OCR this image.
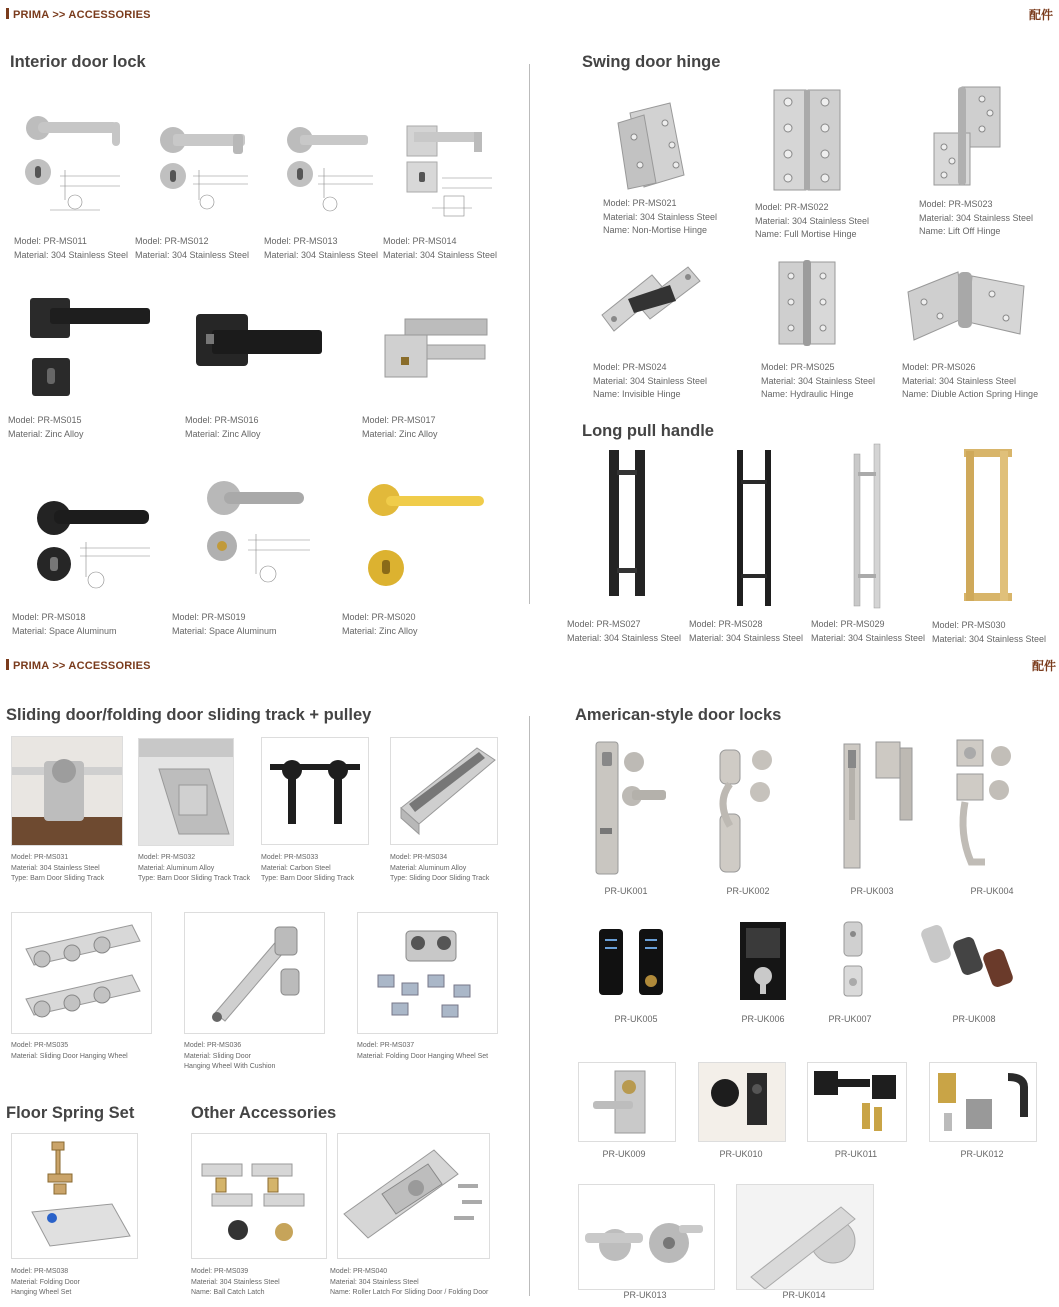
PRIMA >> ACCESSORIES	配件
Interior door lock
Model: PR-MS011
Material: 304 Stainless Steel
Model: PR-MS012
Material: 304 Stainless Steel
Model: PR-MS013
Material: 304 Stainless Steel
Model: PR-MS014
Material: 304 Stainless Steel
Model: PR-MS015
Material: Zinc Alloy
Model: PR-MS016
Material: Zinc Alloy
Model: PR-MS017
Material: Zinc Alloy
Model: PR-MS018
Material: Space Aluminum
Model: PR-MS019
Material: Space Aluminum
Model: PR-MS020
Material: Zinc Alloy
Swing door hinge
Model: PR-MS021
Material: 304 Stainless Steel
Name: Non-Mortise Hinge
Model: PR-MS022
Material: 304 Stainless Steel
Name: Full Mortise Hinge
Model: PR-MS023
Material: 304 Stainless Steel
Name: Lift Off Hinge
Model: PR-MS024
Material: 304 Stainless Steel
Name: Invisible Hinge
Model: PR-MS025
Material: 304 Stainless Steel
Name: Hydraulic Hinge
Model: PR-MS026
Material: 304 Stainless Steel
Name: Diuble Action Spring Hinge
Long pull handle
Model: PR-MS027
Material: 304 Stainless Steel
Model: PR-MS028
Material: 304 Stainless Steel
Model: PR-MS029
Material: 304 Stainless Steel
Model: PR-MS030
Material: 304 Stainless Steel
PRIMA >> ACCESSORIES	配件
Sliding door/folding door sliding track + pulley
Model: PR-MS031
Material: 304 Stainless Steel
Type: Barn Door Sliding Track
Model: PR-MS032
Material: Aluminum Alloy
Type: Barn Door Sliding Track Track
Model: PR-MS033
Material: Carbon Steel
Type: Barn Door Sliding Track
Model: PR-MS034
Material: Aluminum Alloy
Type: Sliding Door Sliding Track
Model: PR-MS035
Material: Sliding Door Hanging Wheel
Model: PR-MS036
Material: Sliding Door
Hanging Wheel With Cushion
Model: PR-MS037
Material: Folding Door Hanging Wheel Set
Floor Spring Set	Other Accessories
Model: PR-MS038
Material: Folding Door
Hanging Wheel Set
Model: PR-MS039
Material: 304 Stainless Steel
Name: Ball Catch Latch
Model: PR-MS040
Material: 304 Stainless Steel
Name: Roller Latch For Sliding Door / Folding Door
American-style door locks
PR-UK001	PR-UK002	PR-UK003	PR-UK004
PR-UK005	PR-UK006	PR-UK007	PR-UK008
PR-UK009	PR-UK010	PR-UK011	PR-UK012
PR-UK013	PR-UK014
